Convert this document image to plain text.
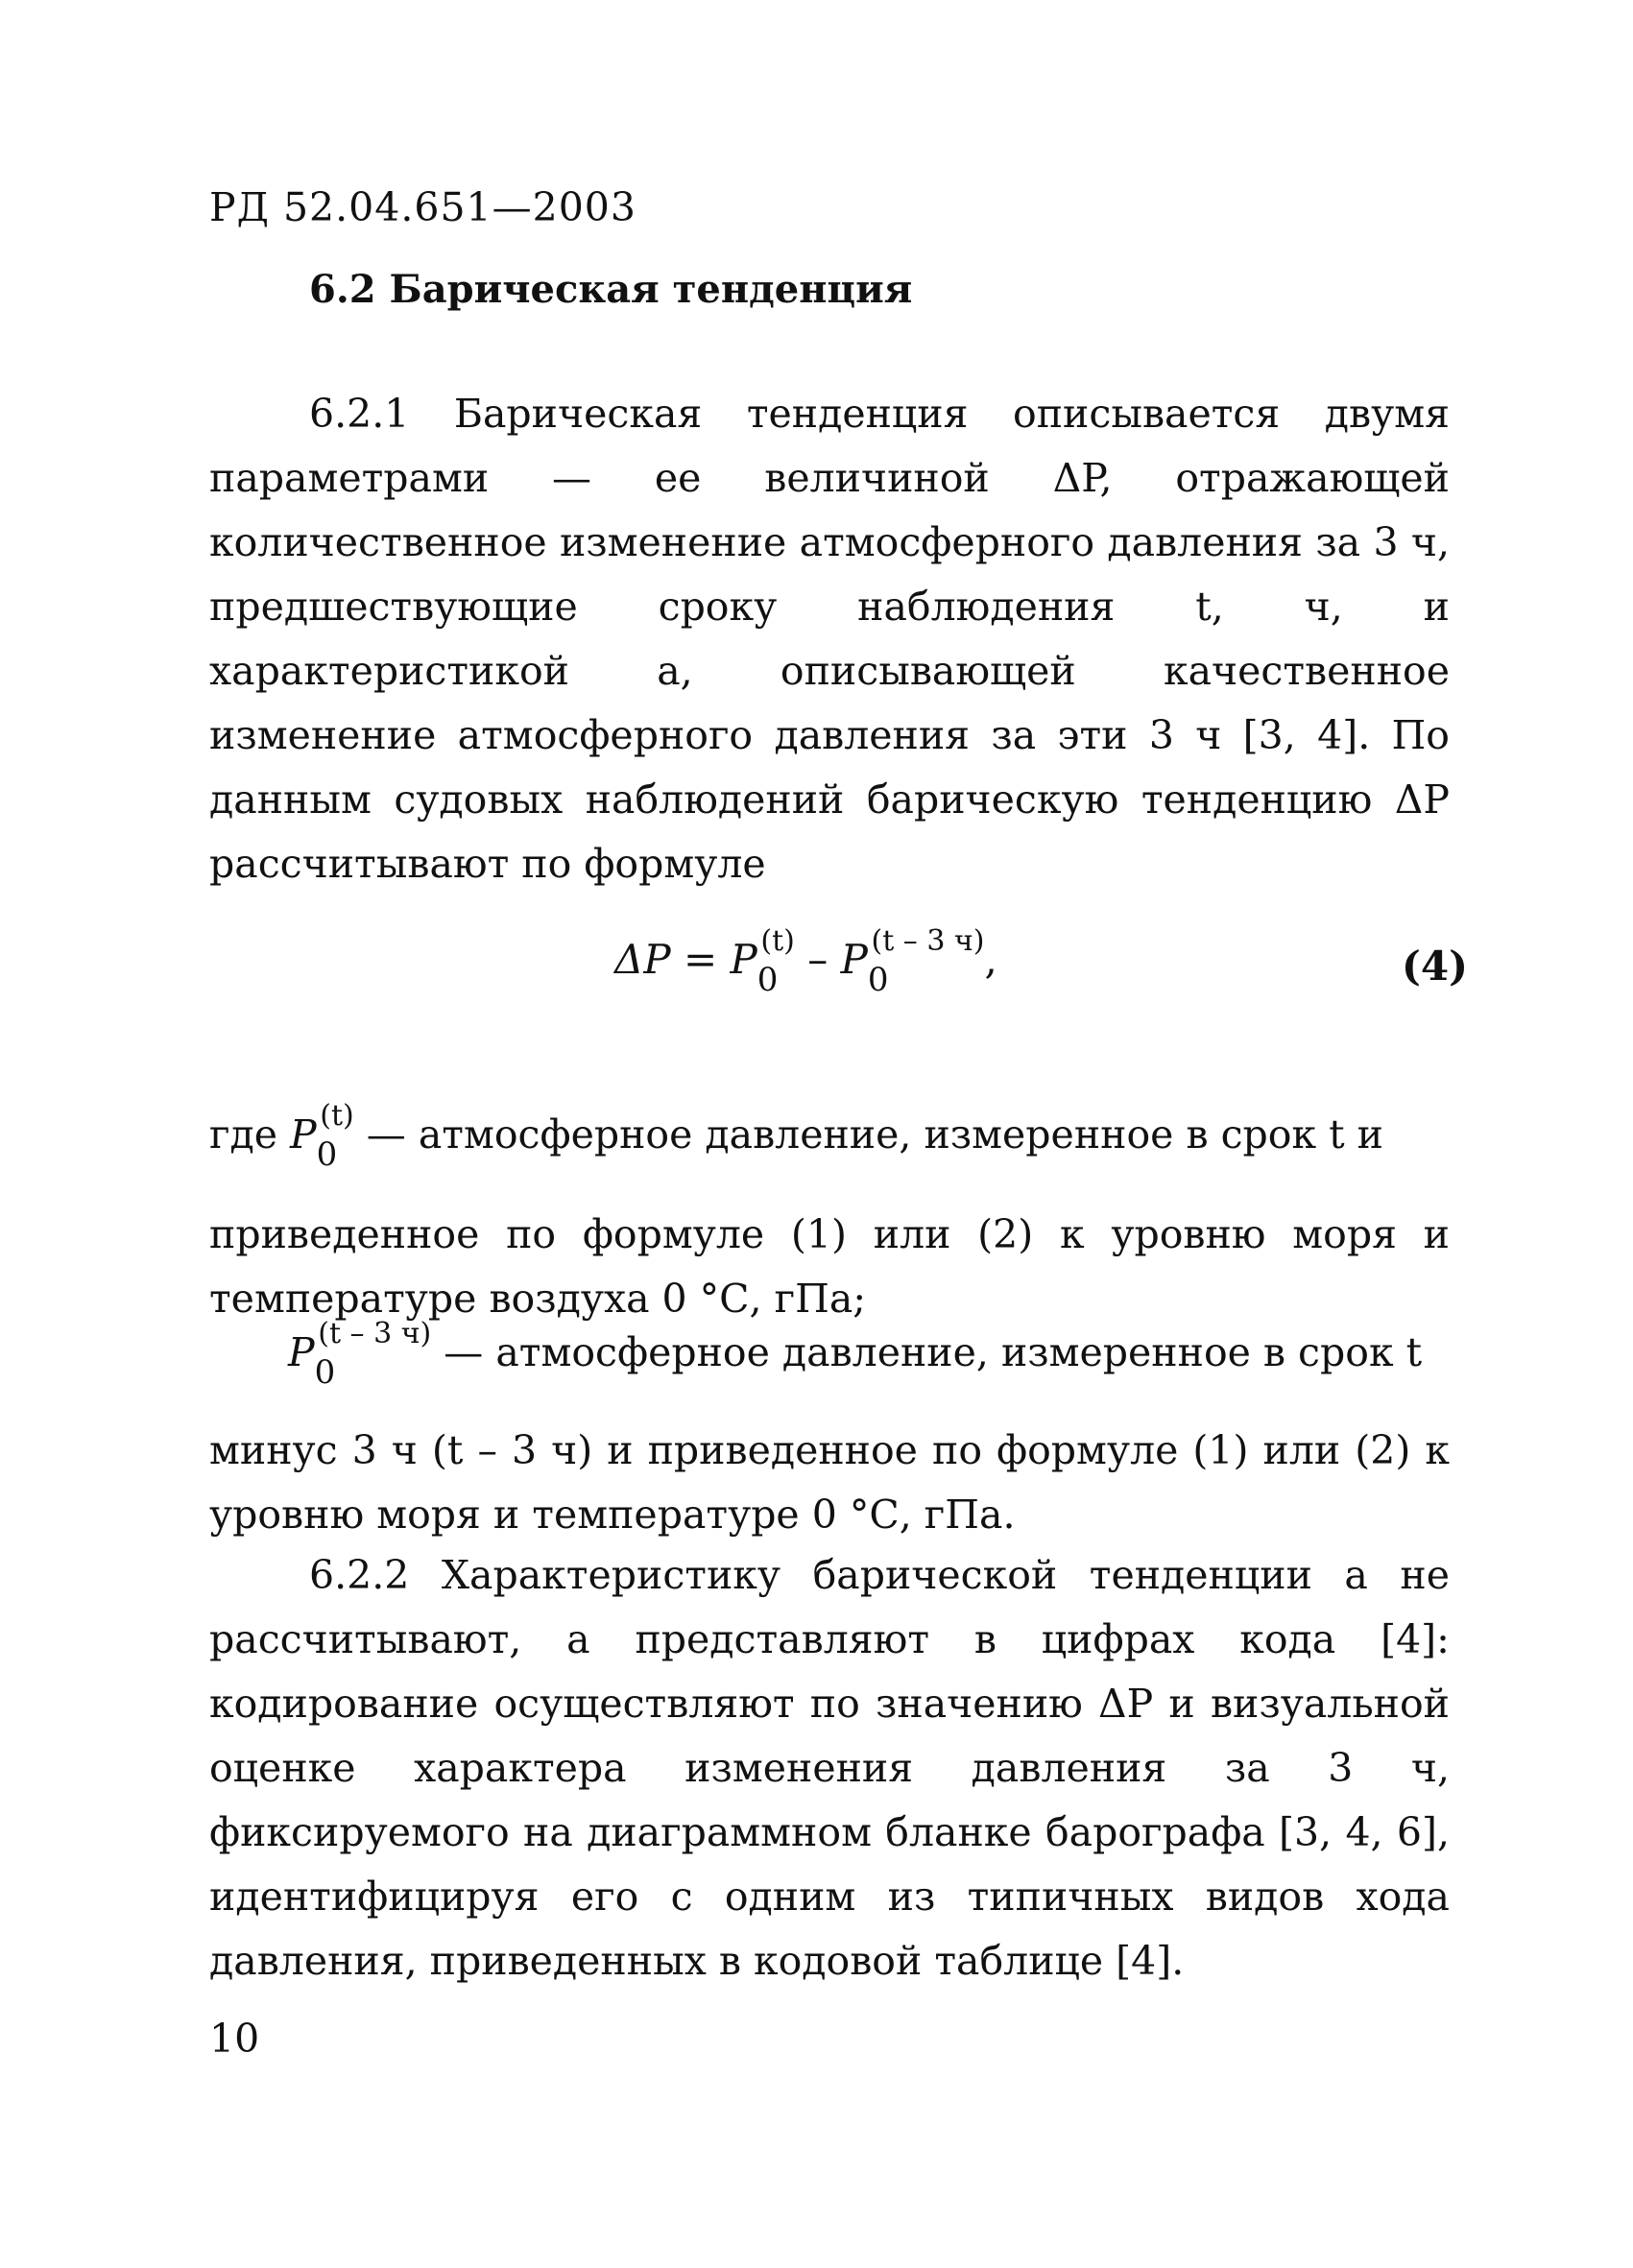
РД 52.04.651—2003
6.2 Барическая тенденция
6.2.1 Барическая тенденция описывается двумя параметрами — ее величиной ΔP, отражающей количественное изменение атмосферного давления за 3 ч, предшествующие сроку наблюдения t, ч, и характеристикой a, описывающей качественное изменение атмосферного давления за эти 3 ч [3, 4]. По данным судовых наблюдений барическую тенденцию ΔP рассчитывают по формуле
$\Delta P = P_0^{(t)} - P_0^{(t - 3 ч)}$,	(4)
где $P_0^{(t)}$ — атмосферное давление, измеренное в срок t и
приведенное по формуле (1) или (2) к уровню моря и температуре воздуха 0 °С, гПа;
$P_0^{(t - 3 ч)}$ — атмосферное давление, измеренное в срок t
минус 3 ч (t – 3 ч) и приведенное по формуле (1) или (2) к уровню моря и температуре 0 °С, гПа.
6.2.2 Характеристику барической тенденции a не рассчитывают, а представляют в цифрах кода [4]: кодирование осуществляют по значению ΔP и визуальной оценке характера изменения давления за 3 ч, фиксируемого на диаграммном бланке барографа [3, 4, 6], идентифицируя его с одним из типичных видов хода давления, приведенных в кодовой таблице [4].
10
